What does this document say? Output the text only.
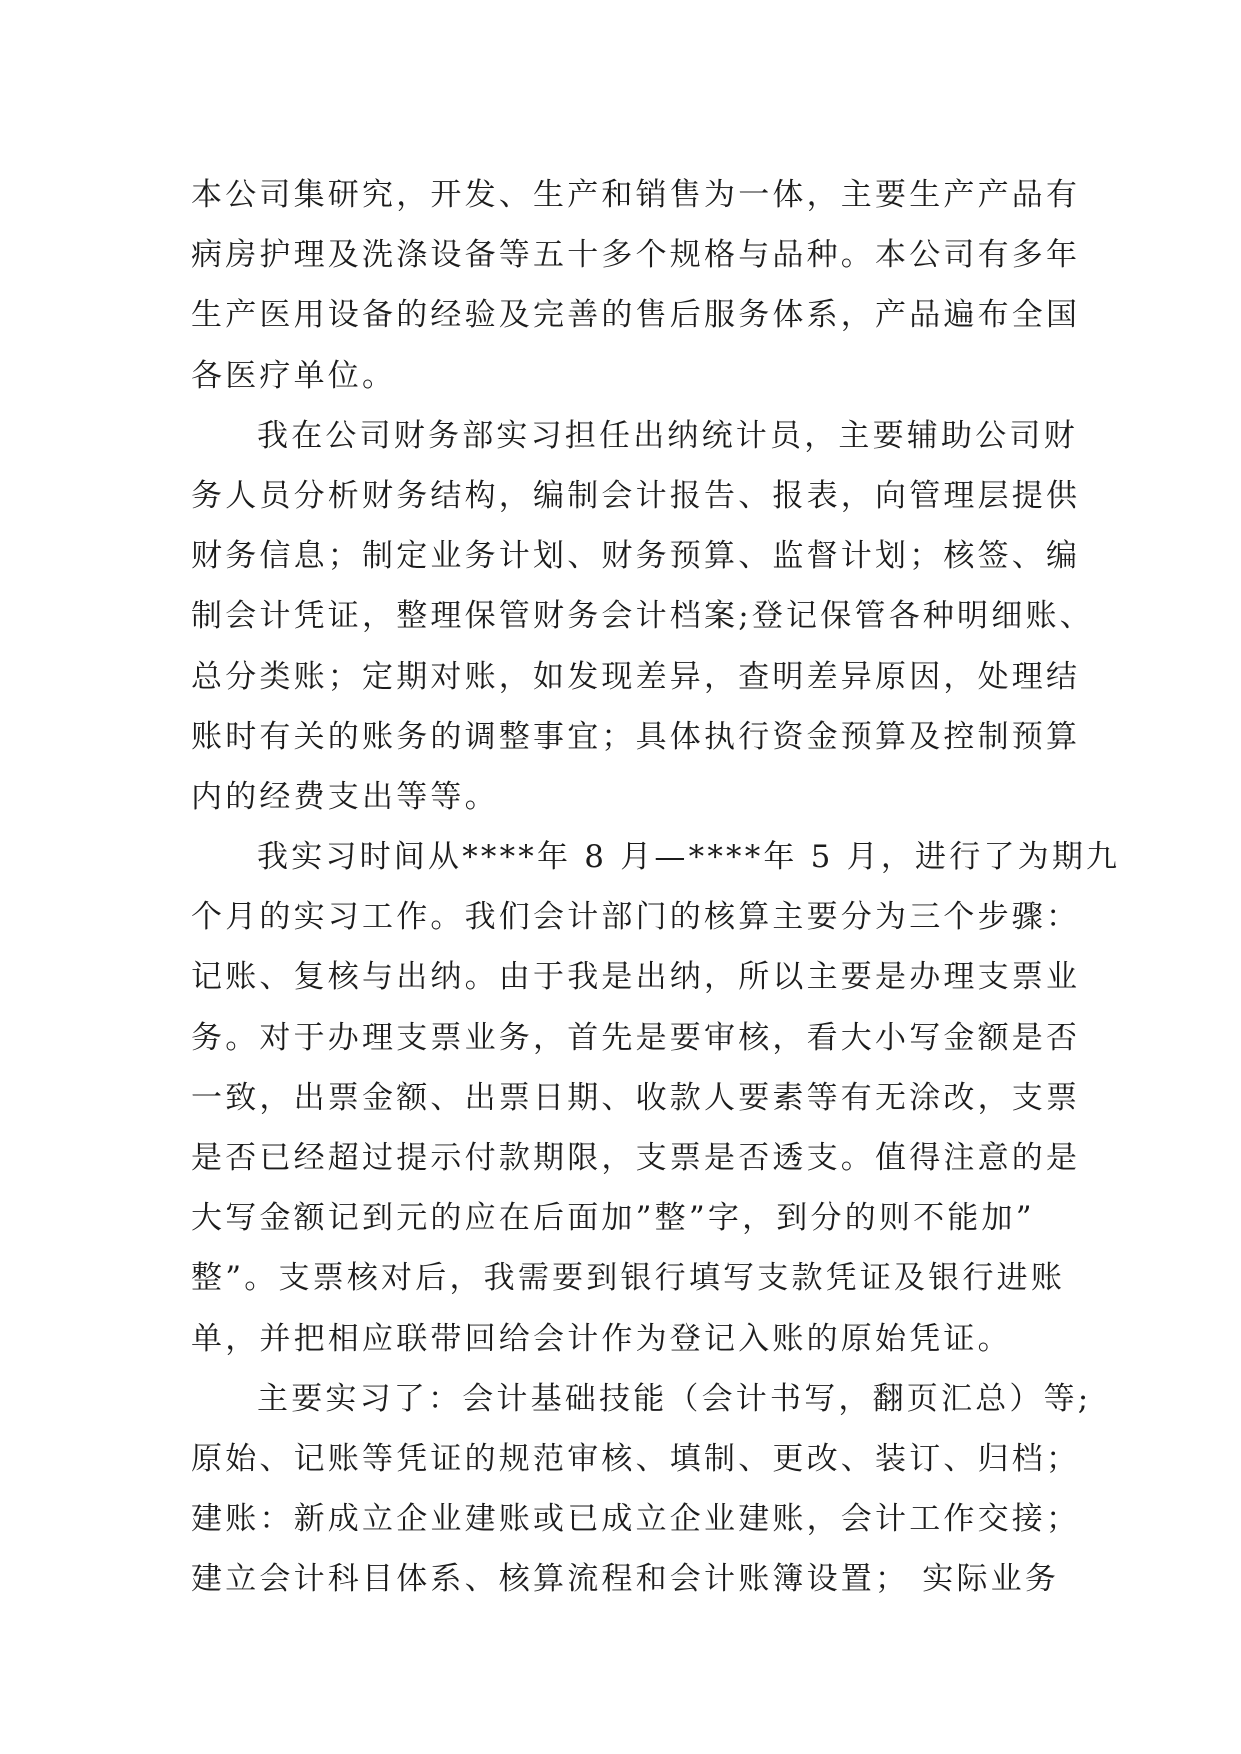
本公司集研究，开发、生产和销售为一体，主要生产产品有
病房护理及洗涤设备等五十多个规格与品种。本公司有多年
生产医用设备的经验及完善的售后服务体系，产品遍布全国
各医疗单位。
我在公司财务部实习担任出纳统计员，主要辅助公司财
务人员分析财务结构，编制会计报告、报表，向管理层提供
财务信息；制定业务计划、财务预算、监督计划；核签、编
制会计凭证，整理保管财务会计档案;登记保管各种明细账、
总分类账；定期对账，如发现差异，查明差异原因，处理结
账时有关的账务的调整事宜；具体执行资金预算及控制预算
内的经费支出等等。
我实习时间从****年 8 月—****年 5 月，进行了为期九
个月的实习工作。我们会计部门的核算主要分为三个步骤：
记账、复核与出纳。由于我是出纳，所以主要是办理支票业
务。对于办理支票业务，首先是要审核，看大小写金额是否
一致，出票金额、出票日期、收款人要素等有无涂改，支票
是否已经超过提示付款期限，支票是否透支。值得注意的是
大写金额记到元的应在后面加”整”字，到分的则不能加”
整”。支票核对后，我需要到银行填写支款凭证及银行进账
单，并把相应联带回给会计作为登记入账的原始凭证。
主要实习了：会计基础技能（会计书写，翻页汇总）等;
原始、记账等凭证的规范审核、填制、更改、装订、归档；
建账：新成立企业建账或已成立企业建账，会计工作交接；
建立会计科目体系、核算流程和会计账簿设置； 实际业务
